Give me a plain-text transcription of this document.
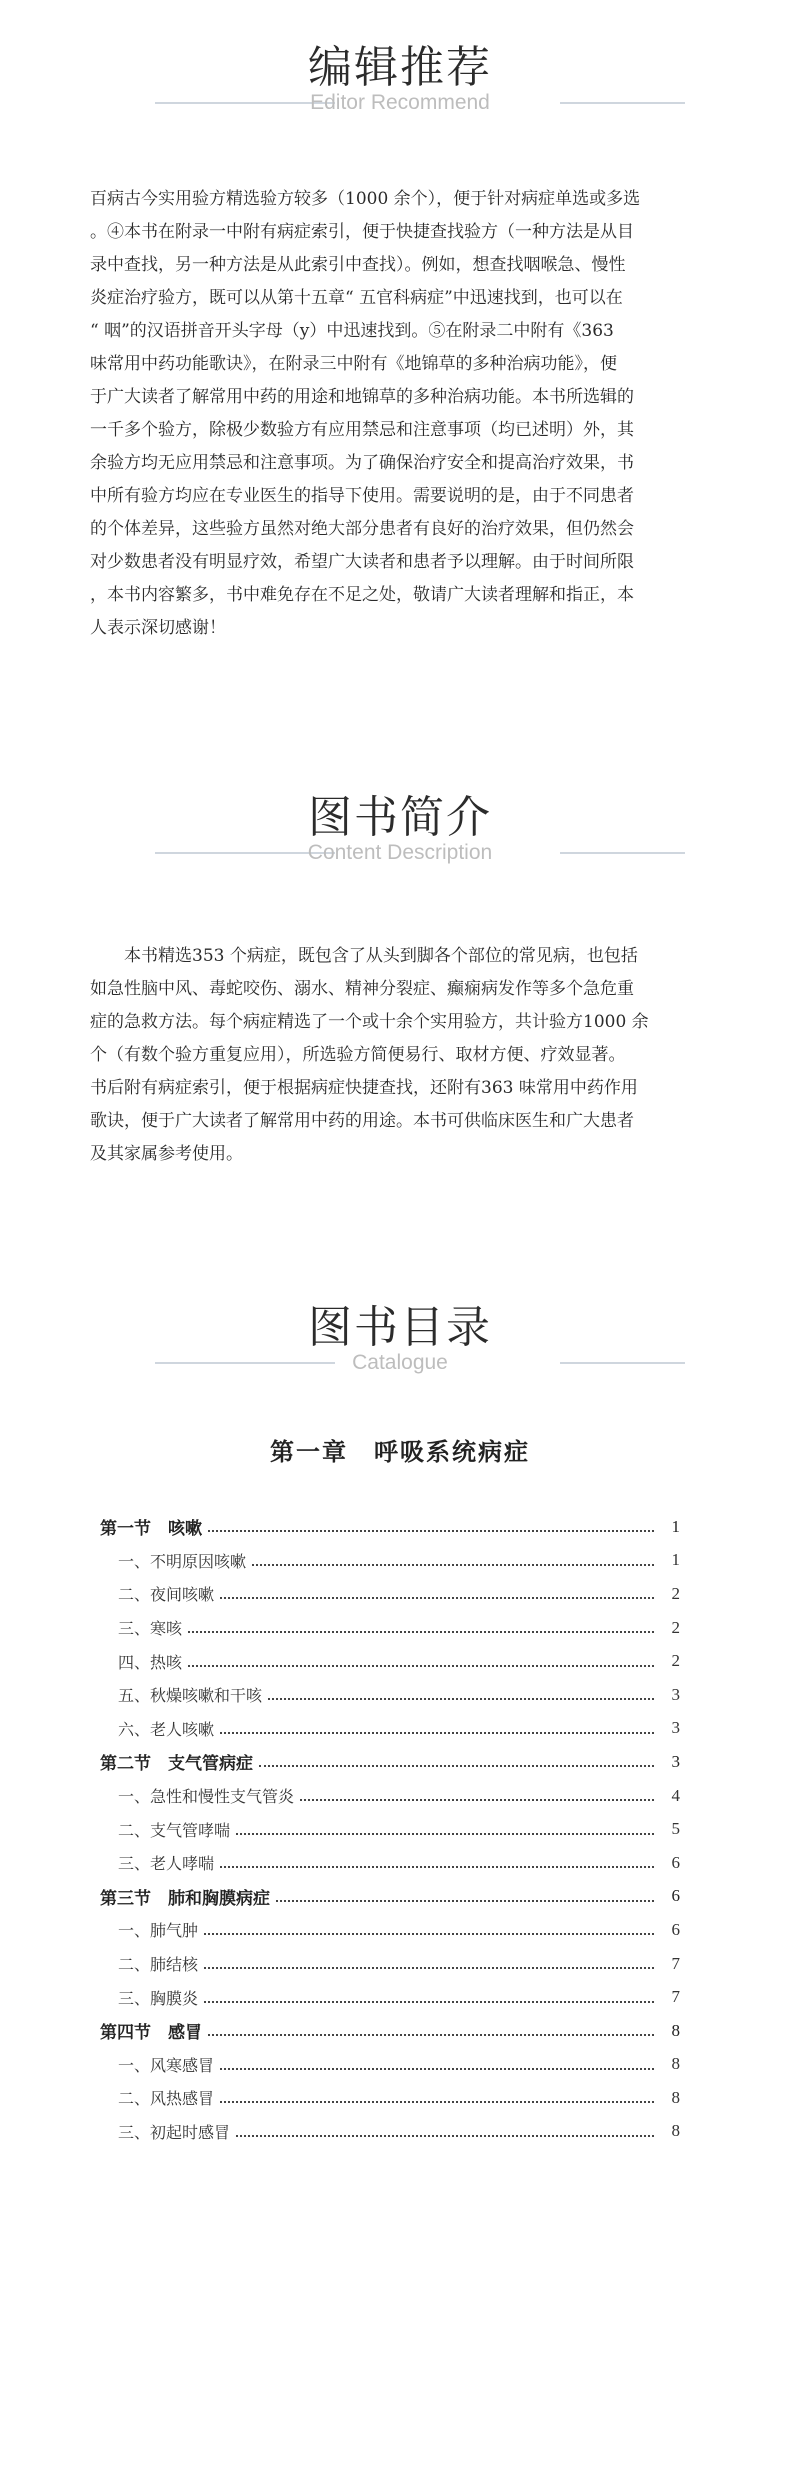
编辑推荐
Editor Recommend
百病古今实用验方精选验方较多（1000 余个），便于针对病症单选或多选
。④本书在附录一中附有病症索引，便于快捷查找验方（一种方法是从目
录中查找，另一种方法是从此索引中查找）。例如，想查找咽喉急、慢性
炎症治疗验方，既可以从第十五章“ 五官科病症”中迅速找到，也可以在
“ 咽”的汉语拼音开头字母（y）中迅速找到。⑤在附录二中附有《363
味常用中药功能歌诀》，在附录三中附有《地锦草的多种治病功能》，便
于广大读者了解常用中药的用途和地锦草的多种治病功能。本书所选辑的
一千多个验方，除极少数验方有应用禁忌和注意事项（均已述明）外，其
余验方均无应用禁忌和注意事项。为了确保治疗安全和提高治疗效果，书
中所有验方均应在专业医生的指导下使用。需要说明的是，由于不同患者
的个体差异，这些验方虽然对绝大部分患者有良好的治疗效果，但仍然会
对少数患者没有明显疗效，希望广大读者和患者予以理解。由于时间所限
，本书内容繁多，书中难免存在不足之处，敬请广大读者理解和指正，本
人表示深切感谢！
图书简介
Content Description
　　本书精选353 个病症，既包含了从头到脚各个部位的常见病，也包括
如急性脑中风、毒蛇咬伤、溺水、精神分裂症、癫痫病发作等多个急危重
症的急救方法。每个病症精选了一个或十余个实用验方，共计验方1000 余
个（有数个验方重复应用），所选验方简便易行、取材方便、疗效显著。
书后附有病症索引，便于根据病症快捷查找，还附有363 味常用中药作用
歌诀，便于广大读者了解常用中药的用途。本书可供临床医生和广大患者
及其家属参考使用。
图书目录
Catalogue
第一章　呼吸系统病症
第一节　咳嗽	1
一、不明原因咳嗽	1
二、夜间咳嗽	2
三、寒咳	2
四、热咳	2
五、秋燥咳嗽和干咳	3
六、老人咳嗽	3
第二节　支气管病症	3
一、急性和慢性支气管炎	4
二、支气管哮喘	5
三、老人哮喘	6
第三节　肺和胸膜病症	6
一、肺气肿	6
二、肺结核	7
三、胸膜炎	7
第四节　感冒	8
一、风寒感冒	8
二、风热感冒	8
三、初起时感冒	8
